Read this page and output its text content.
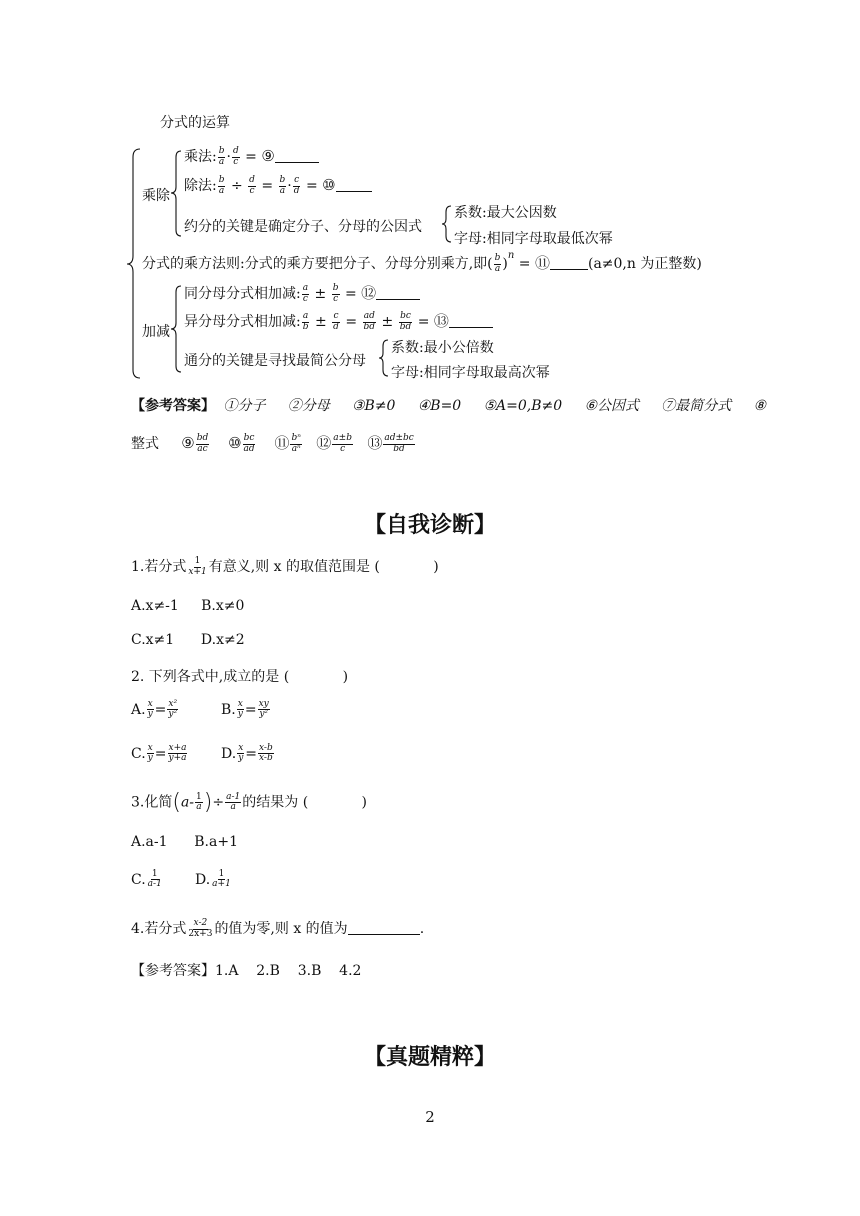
分式的运算
乘除
加减
乘法: $\frac{b}{a} \cdot \frac{d}{c}$ = ⑨
除法: $\frac{b}{a} \div \frac{d}{c} = \frac{b}{a} \cdot \frac{c}{d}$ = ⑩
约分的关键是确定分子、分母的公因式
系数:最大公因数
字母:相同字母取最低次幂
分式的乘方法则:分式的乘方要把分子、分母分别乘方,即( $\frac{b}{a} )^n$ = ⑪	(a≠0,n 为正整数)
同分母分式相加减: $\frac{a}{c} \pm \frac{b}{c}$ = ⑫
异分母分式相加减: $\frac{a}{b} \pm \frac{c}{d} = \frac{ad}{bd} \pm \frac{bc}{bd}$ = ⑬
通分的关键是寻找最简公分母
系数:最小公倍数
字母:相同字母取最高次幂
【参考答案】 ①分子 ②分母 ③B≠0 ④B=0 ⑤A=0,B≠0 ⑥公因式 ⑦最简分式 ⑧
整式 ⑨ $\frac{bd}{ac}$ ⑩ $\frac{bc}{ad}$ ⑪ $\frac{\text{bⁿ}}{\text{aⁿ}}$ ⑫ $\frac{a\pm b}{c}$ ⑬ $\frac{ad\pm bc}{bd}$
【自我诊断】
1.若分式 $\frac{1}{x+1}$ 有意义,则 x 的取值范围是 (            )
A.x≠-1 B.x≠0
C.x≠1 D.x≠2
2. 下列各式中,成立的是 (            )
A. $\frac{x}{y} = \frac{\text{x²}}{\text{y²}}$	B. $\frac{x}{y} = \frac{xy}{\text{y²}}$
C. $\frac{x}{y} = \frac{x+a}{y+a} D$. $\frac{x}{y} = \frac{x-b}{x-b}$
3.化简($a- \frac{1}{a}$ )÷ $\frac{a-1}{a}$ 的结果为 (            )
A.a-1 B.a+1
C. $\frac{1}{a-1} D$. $\frac{1}{a+1}$
4.若分式 $\frac{x-2}{2x+3}$ 的值为零,则 x 的值为	.
【参考答案】1.A    2.B    3.B    4.2
【真题精粹】
2
